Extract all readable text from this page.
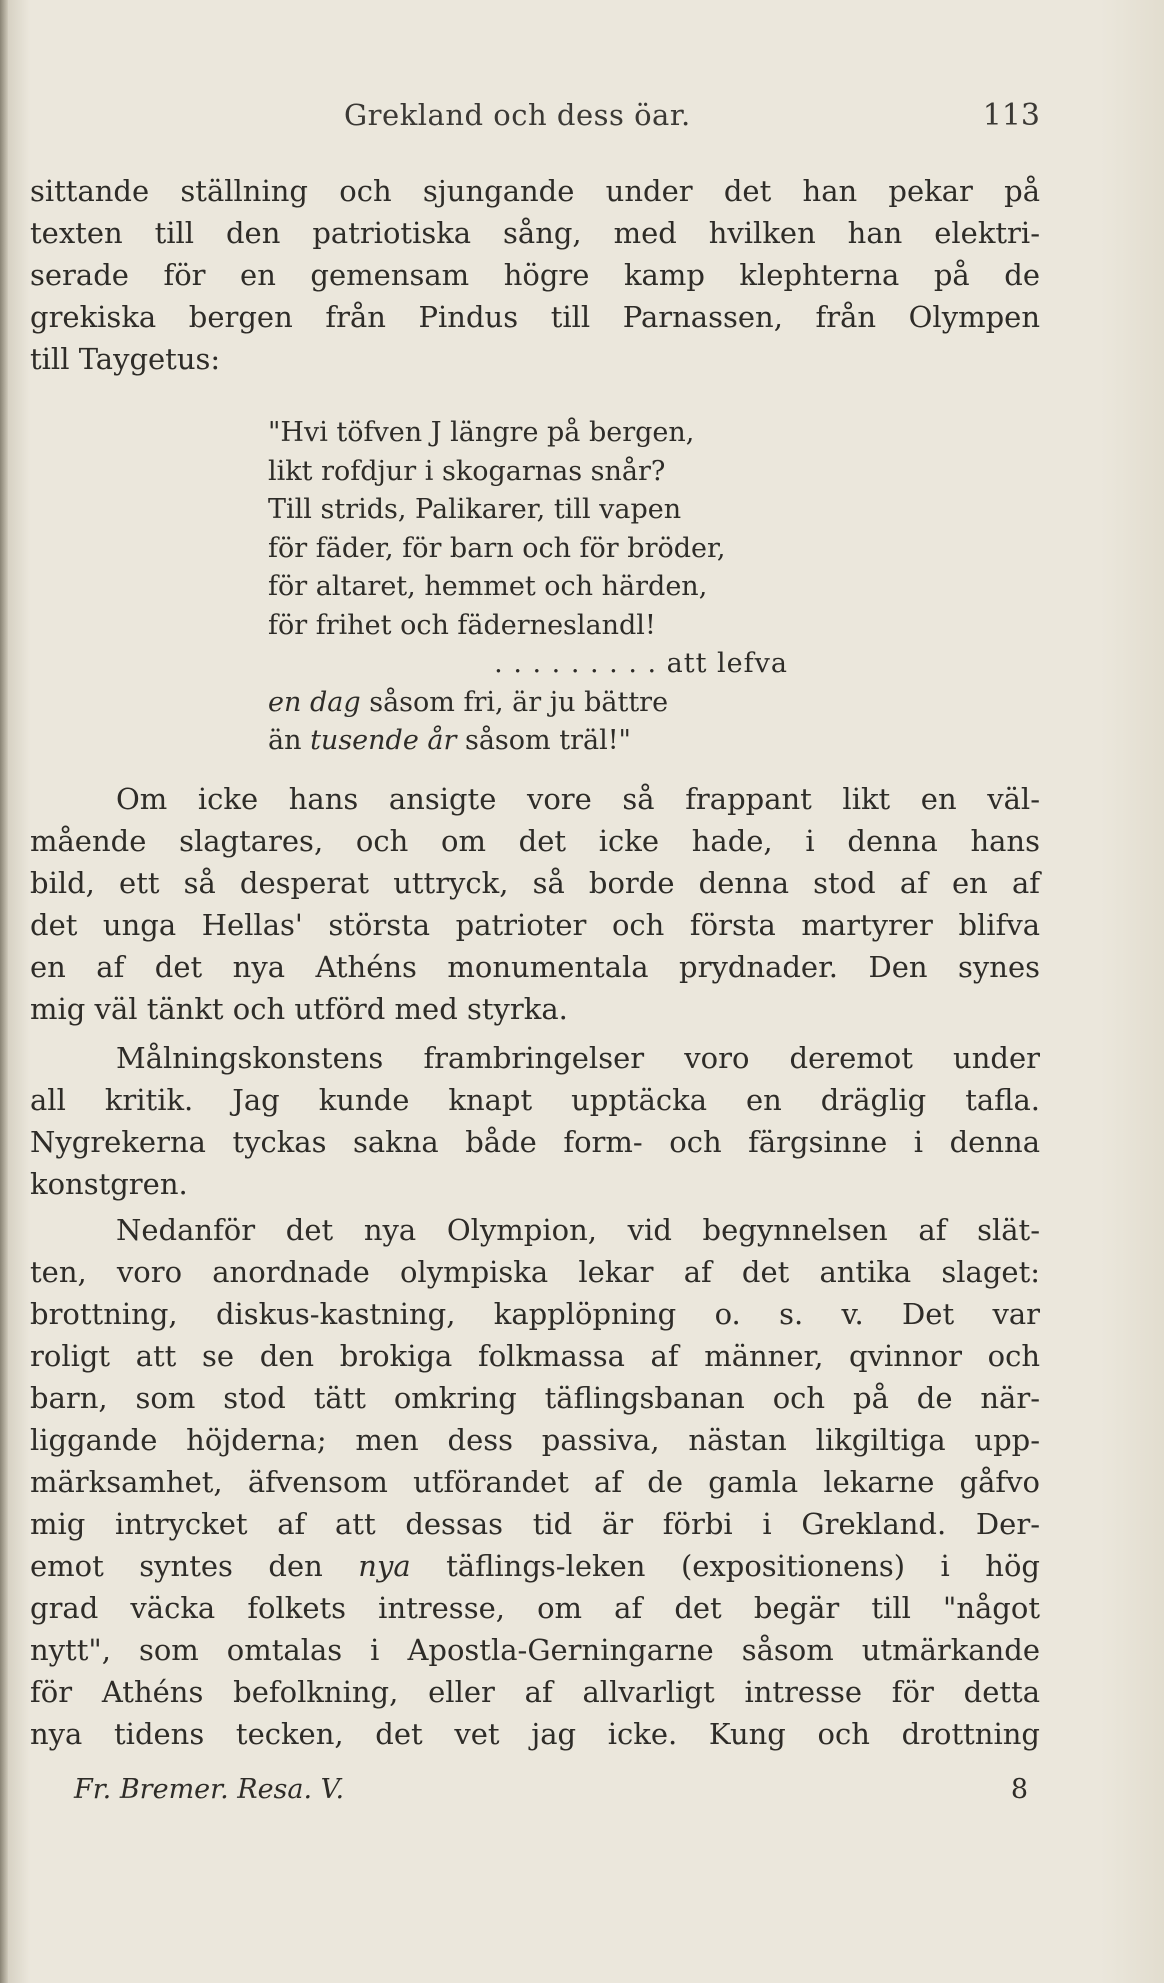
Grekland och dess öar.	113
sittande ställning och sjungande under det han pekar på
texten till den patriotiska sång, med hvilken han elektri-
serade för en gemensam högre kamp klephterna på de
grekiska bergen från Pindus till Parnassen, från Olympen
till Taygetus:
"Hvi töfven J längre på bergen,
likt rofdjur i skogarnas snår?
Till strids, Palikarer, till vapen
för fäder, för barn och för bröder,
för altaret, hemmet och härden,
för frihet och fäderneslandl!
. . . . . . . . . att lefva
en dag såsom fri, är ju bättre
än tusende år såsom träl!"
Om icke hans ansigte vore så frappant likt en väl-
mående slagtares, och om det icke hade, i denna hans
bild, ett så desperat uttryck, så borde denna stod af en af
det unga Hellas' största patrioter och första martyrer blifva
en af det nya Athéns monumentala prydnader. Den synes
mig väl tänkt och utförd med styrka.
Målningskonstens frambringelser voro deremot under
all kritik. Jag kunde knapt upptäcka en dräglig tafla.
Nygrekerna tyckas sakna både form- och färgsinne i denna
konstgren.
Nedanför det nya Olympion, vid begynnelsen af slät-
ten, voro anordnade olympiska lekar af det antika slaget:
brottning, diskus-kastning, kapplöpning o. s. v. Det var
roligt att se den brokiga folkmassa af männer, qvinnor och
barn, som stod tätt omkring täflingsbanan och på de när-
liggande höjderna; men dess passiva, nästan likgiltiga upp-
märksamhet, äfvensom utförandet af de gamla lekarne gåfvo
mig intrycket af att dessas tid är förbi i Grekland. Der-
emot syntes den nya täflings-leken (expositionens) i hög
grad väcka folkets intresse, om af det begär till "något
nytt", som omtalas i Apostla-Gerningarne såsom utmärkande
för Athéns befolkning, eller af allvarligt intresse för detta
nya tidens tecken, det vet jag icke. Kung och drottning
Fr. Bremer. Resa. V.	8
